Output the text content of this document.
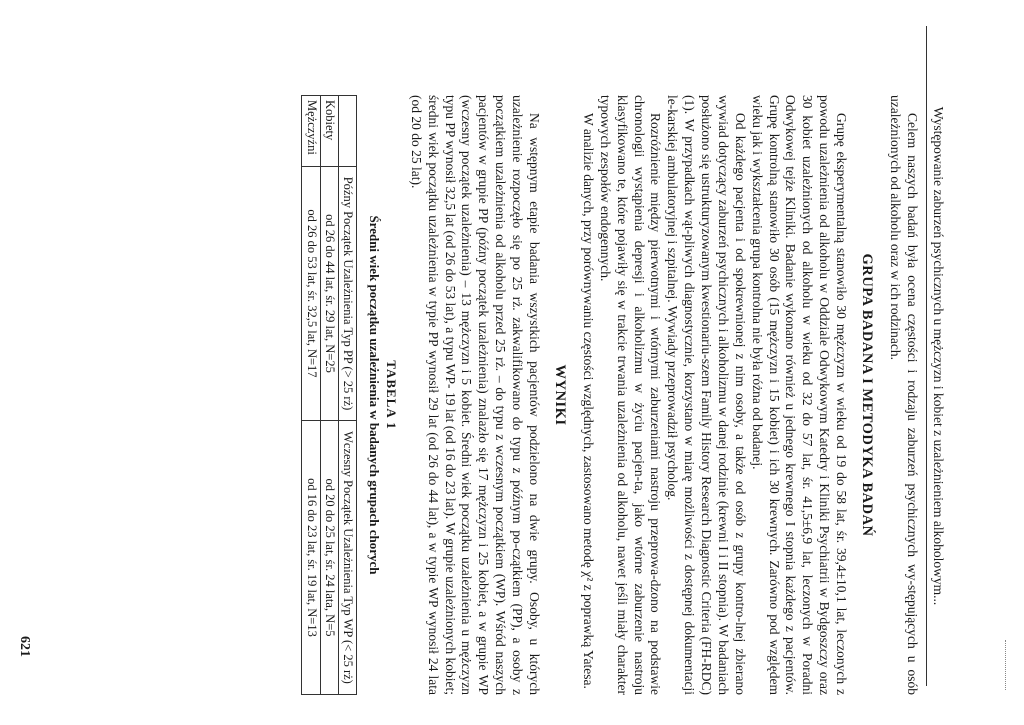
Występowanie zaburzeń psychicznych u mężczyzn i kobiet z uzależnieniem alkoholowym...

Celem naszych badań była ocena częstości i rodzaju zaburzeń psychicznych wy-stępujących u osób uzależnionych od alkoholu oraz w ich rodzinach.

GRUPA BADANA I METODYKA BADAŃ

Grupę eksperymentalną stanowiło 30 mężczyzn w wieku od 19 do 58 lat, śr. 39,4±10,1 lat, leczonych z powodu uzależnienia od alkoholu w Oddziale Odwykowym Katedry i Kliniki Psychiatrii w Bydgoszczy oraz 30 kobiet uzależnionych od alkoholu w wieku od 32 do 57 lat, śr. 41,5±6,9 lat, leczonych w Poradni Odwykowej tejże Kliniki. Badanie wykonano również u jednego krewnego I stopnia każdego z pacjentów. Grupę kontrolną stanowiło 30 osób (15 mężczyzn i 15 kobiet) i ich 30 krewnych. Zarówno pod względem wieku jak i wykształcenia grupa kontrolna nie była różna od badanej.

Od każdego pacjenta i od spokrewnionej z nim osoby, a także od osób z grupy kontro-lnej zbierano wywiad dotyczący zaburzeń psychicznych i alkoholizmu w danej rodzinie (krewni I i II stopnia). W badaniach posłużono się ustrukturyzowanym kwestionariu-szem Family History Research Diagnostic Criteria (FH-RDC) (1). W przypadkach wąt-pliwych diagnostycznie, korzystano w miarę możliwości z dostępnej dokumentacji le-karskiej ambulatoryjnej i szpitalnej. Wywiady przeprowadził psycholog.

Rozróżnienie między pierwotnymi i wtórnymi zaburzeniami nastroju przeprowa-dzono na podstawie chronologii wystąpienia depresji i alkoholizmu w życiu pacjen-ta, jako wtórne zaburzenie nastroju klasyfikowano te, które pojawiły się w trakcie trwania uzależnienia od alkoholu, nawet jeśli miały charakter typowych zespołów endogennych.

W analizie danych, przy porównywaniu częstości względnych, zastosowano metodę χ² z poprawką Yatesa.

WYNIKI

Na wstępnym etapie badania wszystkich pacjentów podzielono na dwie grupy. Osoby, u których uzależnienie rozpoczęło się po 25 rż. zakwalifikowano do typu z późnym po-czątkiem (PP), a osoby z początkiem uzależnienia od alkoholu przed 25 rż. – do typu z wczesnym początkiem (WP). Wśród naszych pacjentów w grupie PP (późny początek uzależnienia) znalazło się 17 mężczyzn i 25 kobiet, a w grupie WP (wczesny początek uzależnienia) – 13 mężczyzn i 5 kobiet. Średni wiek początku uzależnienia u mężczyzn typu PP wynosił 32,5 lat (od 26 do 53 lat), a typu WP- 19 lat (od 16 do 23 lat). W grupie uzależnionych kobiet; średni wiek początku uzależnienia w typie PP wynosił 29 lat (od 26 do 44 lat), a w typie WP wynosił 24 lata (od 20 do 25 lat).

TABELA 1
Średni wiek początku uzależnienia w badanych grupach chorych
	Późny Początek Uzależnienia Typ PP (> 25 rż)	Wczesny Początek Uzależnienia Typ WP (< 25 rż)
Kobiety	od 26 do 44 lat, śr. 29 lat, N=25	od 20 do 25 lat, śr. 24 lata, N=5
Mężczyźni	od 26 do 53 lat, śr. 32,5 lat, N=17	od 16 do 23 lat, śr. 19 lat, N=13
621
